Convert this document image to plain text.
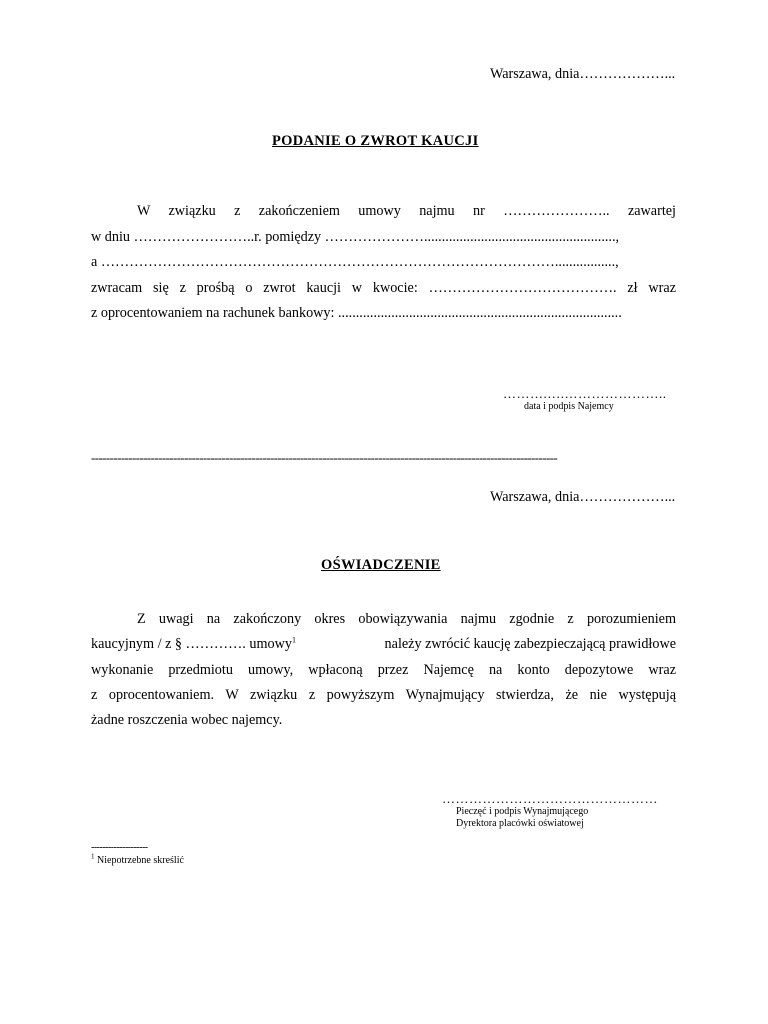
Warszawa, dnia………………...
PODANIE O ZWROT KAUCJI
W związku z zakończeniem umowy najmu nr ………………….. zawartej
w dniu ……………………..r. pomiędzy …………………......................................................,
a …………………………………………………………………………………….................,
zwracam się z prośbą o zwrot kaucji w kwocie: …………………………………. zł wraz
z oprocentowaniem na rachunek bankowy: ................................................................................
……….….…………………..
data i podpis Najemcy
-----------------------------------------------------------------------------------------------------------------------------
Warszawa, dnia………………...
OŚWIADCZENIE
Z uwagi na zakończony okres obowiązywania najmu zgodnie z porozumieniem
kaucyjnym / z § …………. umowy$^1$	należy zwrócić kaucję zabezpieczającą prawidłowe
wykonanie przedmiotu umowy, wpłaconą przez Najemcę na konto depozytowe wraz
z oprocentowaniem. W związku z powyższym Wynajmujący stwierdza, że nie występują
żadne roszczenia wobec najemcy.
…………………………………………
Pieczęć i podpis Wynajmującego
Dyrektora placówki oświatowej
--------------------
$^1$ Niepotrzebne skreślić
